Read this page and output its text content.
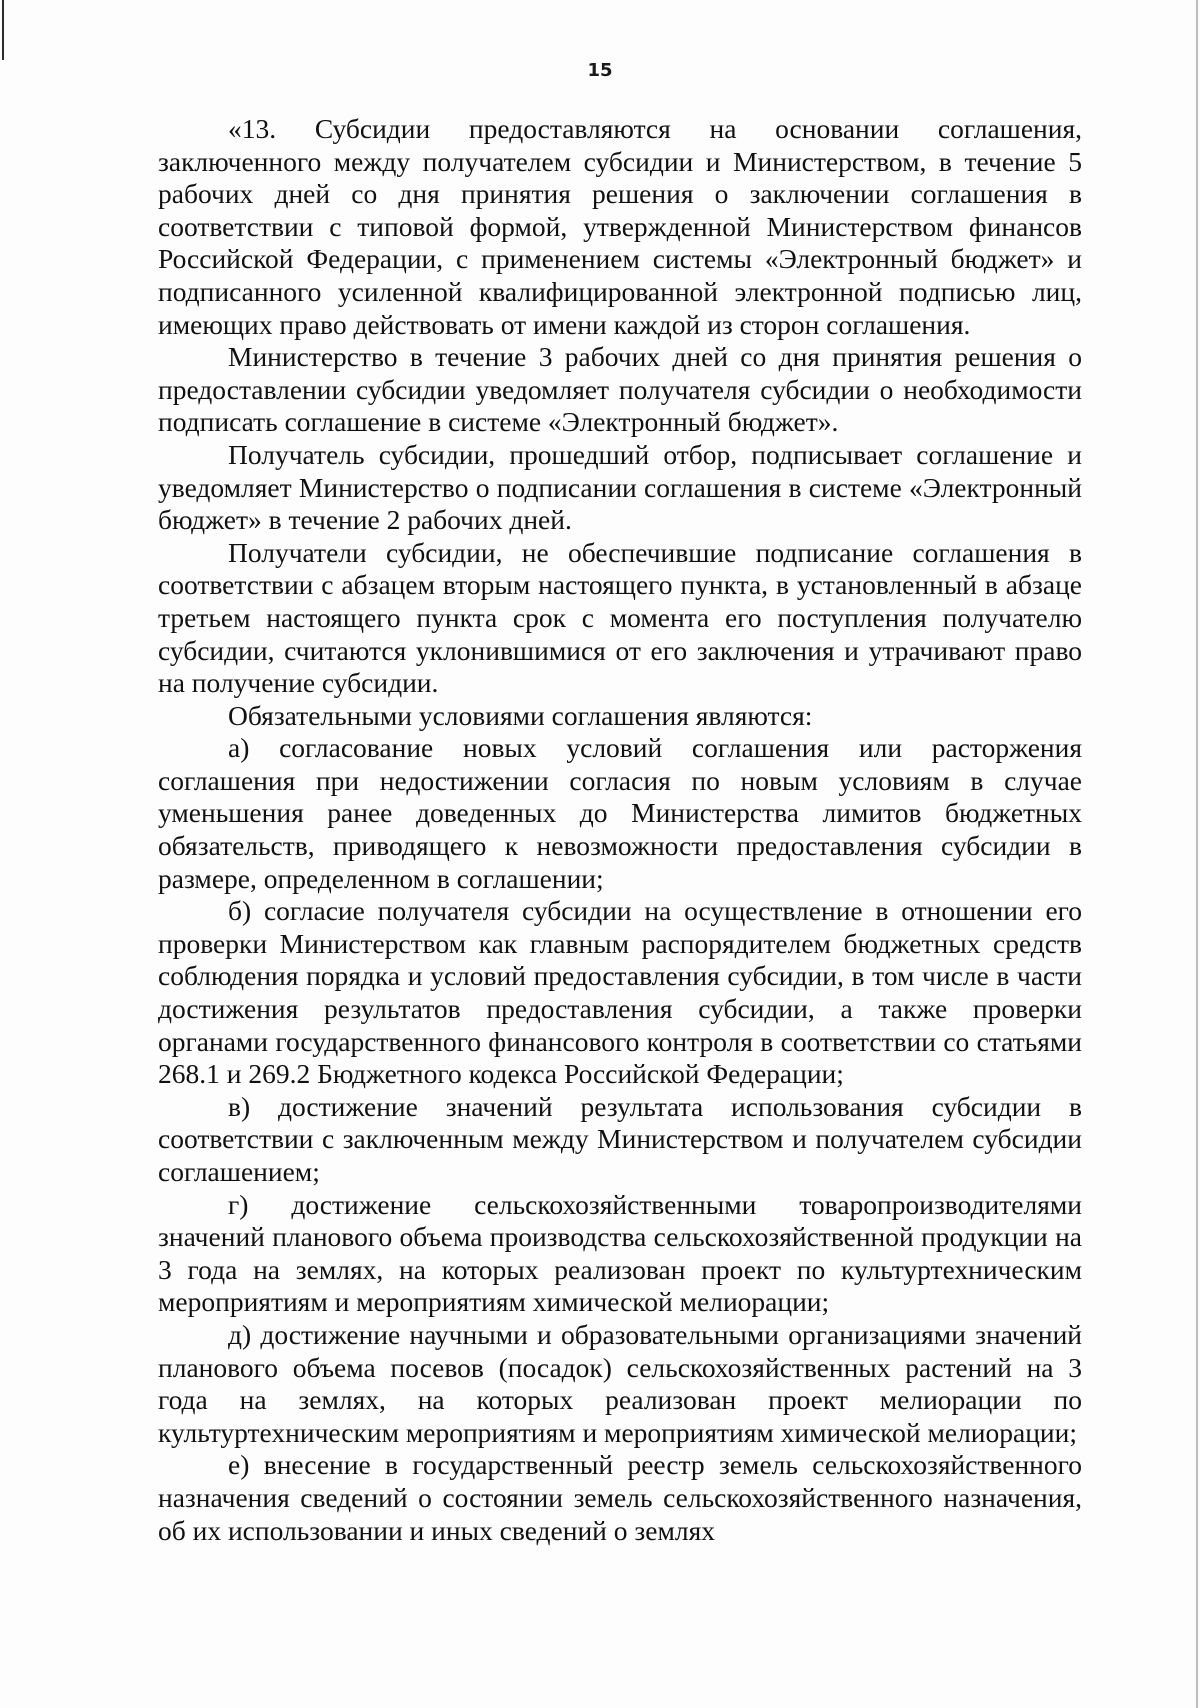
15

«13. Субсидии предоставляются на основании соглашения, заключенного между получателем субсидии и Министерством, в течение 5 рабочих дней со дня принятия решения о заключении соглашения в соответствии с типовой формой, утвержденной Министерством финансов Российской Федерации, с применением системы «Электронный бюджет» и подписанного усиленной квалифицированной электронной подписью лиц, имеющих право действовать от имени каждой из сторон соглашения.

Министерство в течение 3 рабочих дней со дня принятия решения о предоставлении субсидии уведомляет получателя субсидии о необходимости подписать соглашение в системе «Электронный бюджет».

Получатель субсидии, прошедший отбор, подписывает соглашение и уведомляет Министерство о подписании соглашения в системе «Электронный бюджет» в течение 2 рабочих дней.

Получатели субсидии, не обеспечившие подписание соглашения в соответствии с абзацем вторым настоящего пункта, в установленный в абзаце третьем настоящего пункта срок с момента его поступления получателю субсидии, считаются уклонившимися от его заключения и утрачивают право на получение субсидии.

Обязательными условиями соглашения являются:

а) согласование новых условий соглашения или расторжения соглашения при недостижении согласия по новым условиям в случае уменьшения ранее доведенных до Министерства лимитов бюджетных обязательств, приводящего к невозможности предоставления субсидии в размере, определенном в соглашении;

б) согласие получателя субсидии на осуществление в отношении его проверки Министерством как главным распорядителем бюджетных средств соблюдения порядка и условий предоставления субсидии, в том числе в части достижения результатов предоставления субсидии, а также проверки органами государственного финансового контроля в соответствии со статьями 268.1 и 269.2 Бюджетного кодекса Российской Федерации;

в) достижение значений результата использования субсидии в соответствии с заключенным между Министерством и получателем субсидии соглашением;

г) достижение сельскохозяйственными товаропроизводителями значений планового объема производства сельскохозяйственной продукции на 3 года на землях, на которых реализован проект по культуртехническим мероприятиям и мероприятиям химической мелиорации;

д) достижение научными и образовательными организациями значений планового объема посевов (посадок) сельскохозяйственных растений на 3 года на землях, на которых реализован проект мелиорации по культуртехническим мероприятиям и мероприятиям химической мелиорации;

е) внесение в государственный реестр земель сельскохозяйственного назначения сведений о состоянии земель сельскохозяйственного назначения, об их использовании и иных сведений о землях
